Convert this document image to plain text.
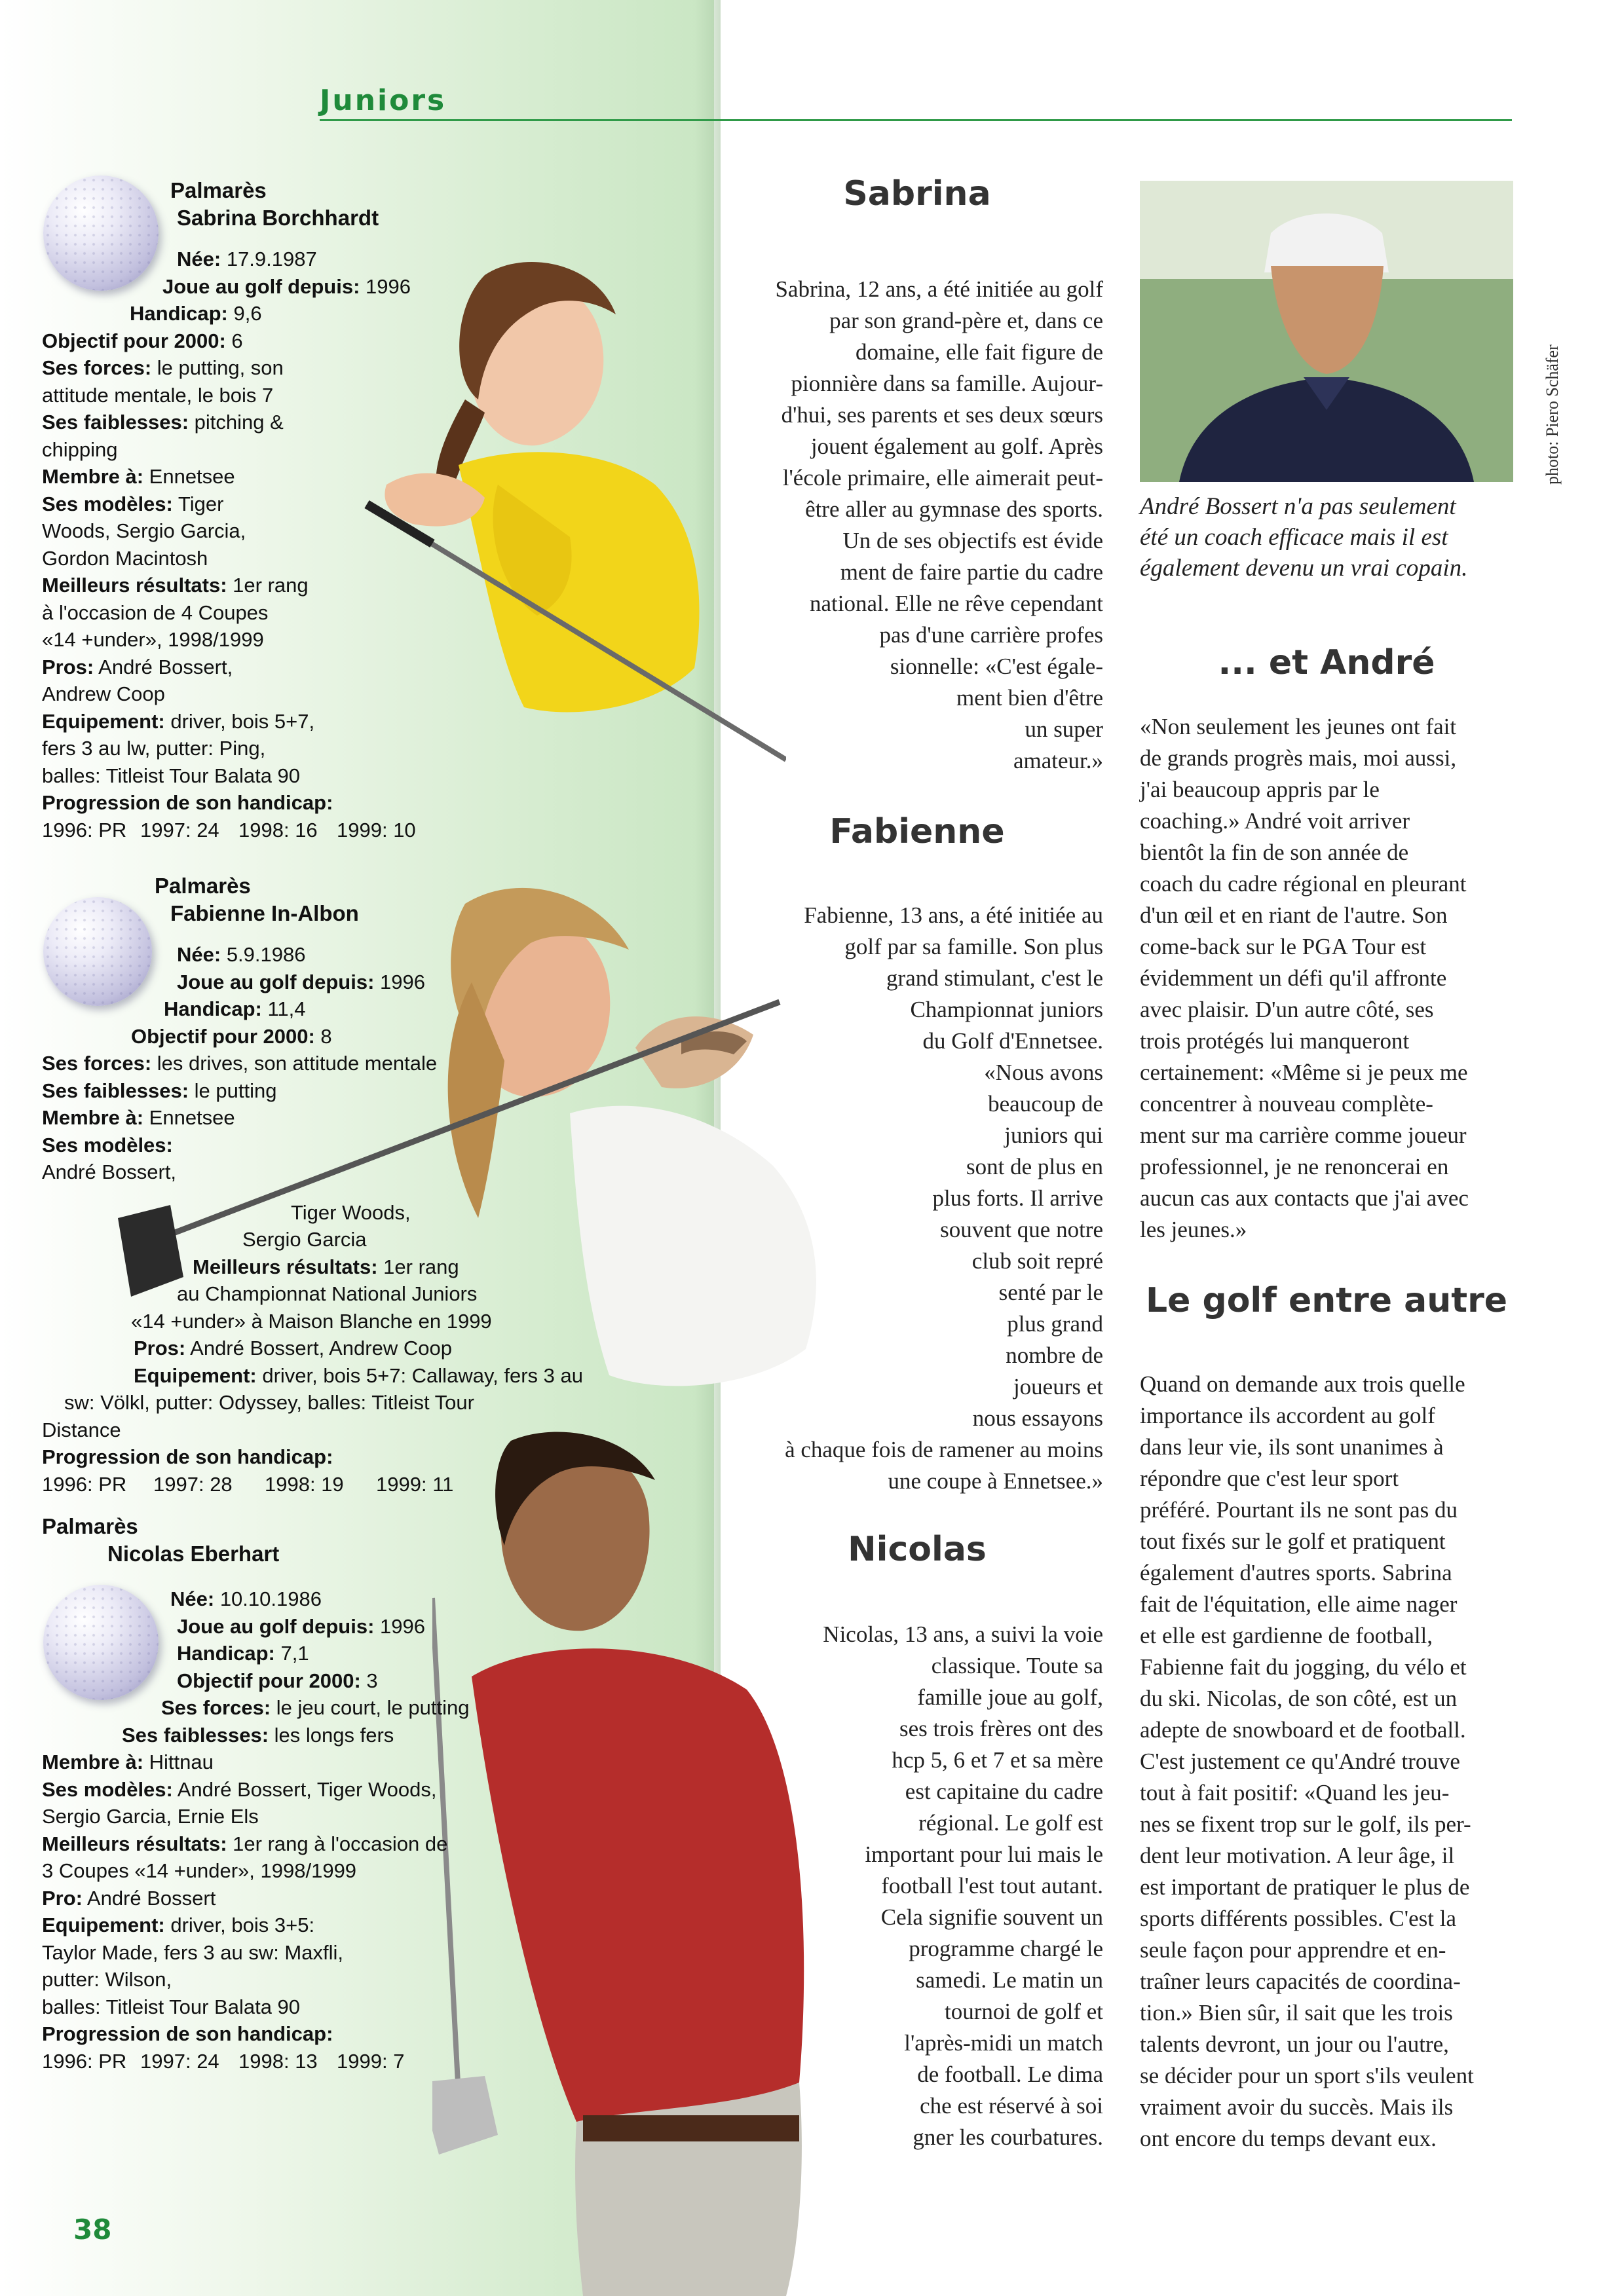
Juniors
Palmarès
Sabrina Borchhardt
Née: 17.9.1987
Joue au golf depuis: 1996
Handicap: 9,6
Objectif pour 2000: 6
Ses forces: le putting, son
attitude mentale, le bois 7
Ses faiblesses: pitching &
chipping
Membre à: Ennetsee
Ses modèles: Tiger
Woods, Sergio Garcia,
Gordon Macintosh
Meilleurs résultats: 1er rang
à l'occasion de 4 Coupes
«14 +under», 1998/1999
Pros: André Bossert,
Andrew Coop
Equipement: driver, bois 5+7,
fers 3 au lw, putter: Ping,
balles: Titleist Tour Balata 90
Progression de son handicap:
1996: PR 1997: 24 1998: 16 1999: 10
Palmarès
Fabienne In-Albon
Née: 5.9.1986
Joue au golf depuis: 1996
Handicap: 11,4
Objectif pour 2000: 8
Ses forces: les drives, son attitude mentale
Ses faiblesses: le putting
Membre à: Ennetsee
Ses modèles:
André Bossert,
Tiger Woods,
Sergio Garcia
Meilleurs résultats: 1er rang
au Championnat National Juniors
«14 +under» à Maison Blanche en 1999
Pros: André Bossert, Andrew Coop
Equipement: driver, bois 5+7: Callaway, fers 3 au
sw: Völkl, putter: Odyssey, balles: Titleist Tour
Distance
Progression de son handicap:
1996: PR 1997: 28 1998: 19 1999: 11
Palmarès
Nicolas Eberhart
Née: 10.10.1986
Joue au golf depuis: 1996
Handicap: 7,1
Objectif pour 2000: 3
Ses forces: le jeu court, le putting
Ses faiblesses: les longs fers
Membre à: Hittnau
Ses modèles: André Bossert, Tiger Woods,
Sergio Garcia, Ernie Els
Meilleurs résultats: 1er rang à l'occasion de
3 Coupes «14 +under», 1998/1999
Pro: André Bossert
Equipement: driver, bois 3+5:
Taylor Made, fers 3 au sw: Maxfli,
putter: Wilson,
balles: Titleist Tour Balata 90
Progression de son handicap:
1996: PR 1997: 24 1998: 13 1999: 7
Sabrina
Sabrina, 12 ans, a été initiée au golf
par son grand-père et, dans ce
domaine, elle fait figure de
pionnière dans sa famille. Aujour-
d'hui, ses parents et ses deux sœurs
jouent également au golf. Après
l'école primaire, elle aimerait peut-
être aller au gymnase des sports.
Un de ses objectifs est évide
ment de faire partie du cadre
national. Elle ne rêve cependant
pas d'une carrière profes
sionnelle: «C'est égale-
ment bien d'être
un super
amateur.»
Fabienne
Fabienne, 13 ans, a été initiée au
golf par sa famille. Son plus
grand stimulant, c'est le
Championnat juniors
du Golf d'Ennetsee.
«Nous avons
beaucoup de
juniors qui
sont de plus en
plus forts. Il arrive
souvent que notre
club soit repré
senté par le
plus grand
nombre de
joueurs et
nous essayons
à chaque fois de ramener au moins
une coupe à Ennetsee.»
Nicolas
Nicolas, 13 ans, a suivi la voie
classique. Toute sa
famille joue au golf,
ses trois frères ont des
hcp 5, 6 et 7 et sa mère
est capitaine du cadre
régional. Le golf est
important pour lui mais le
football l'est tout autant.
Cela signifie souvent un
programme chargé le
samedi. Le matin un
tournoi de golf et
l'après-midi un match
de football. Le dima
che est réservé à soi
gner les courbatures.
André Bossert n'a pas seulement
été un coach efficace mais il est
également devenu un vrai copain.
photo: Piero Schäfer
... et André
«Non seulement les jeunes ont fait
de grands progrès mais, moi aussi,
j'ai beaucoup appris par le
coaching.» André voit arriver
bientôt la fin de son année de
coach du cadre régional en pleurant
d'un œil et en riant de l'autre. Son
come-back sur le PGA Tour est
évidemment un défi qu'il affronte
avec plaisir. D'un autre côté, ses
trois protégés lui manqueront
certainement: «Même si je peux me
concentrer à nouveau complète-
ment sur ma carrière comme joueur
professionnel, je ne renoncerai en
aucun cas aux contacts que j'ai avec
les jeunes.»
Le golf entre autre
Quand on demande aux trois quelle
importance ils accordent au golf
dans leur vie, ils sont unanimes à
répondre que c'est leur sport
préféré. Pourtant ils ne sont pas du
tout fixés sur le golf et pratiquent
également d'autres sports. Sabrina
fait de l'équitation, elle aime nager
et elle est gardienne de football,
Fabienne fait du jogging, du vélo et
du ski. Nicolas, de son côté, est un
adepte de snowboard et de football.
C'est justement ce qu'André trouve
tout à fait positif: «Quand les jeu-
nes se fixent trop sur le golf, ils per-
dent leur motivation. A leur âge, il
est important de pratiquer le plus de
sports différents possibles. C'est la
seule façon pour apprendre et en-
traîner leurs capacités de coordina-
tion.» Bien sûr, il sait que les trois
talents devront, un jour ou l'autre,
se décider pour un sport s'ils veulent
vraiment avoir du succès. Mais ils
ont encore du temps devant eux.
38
